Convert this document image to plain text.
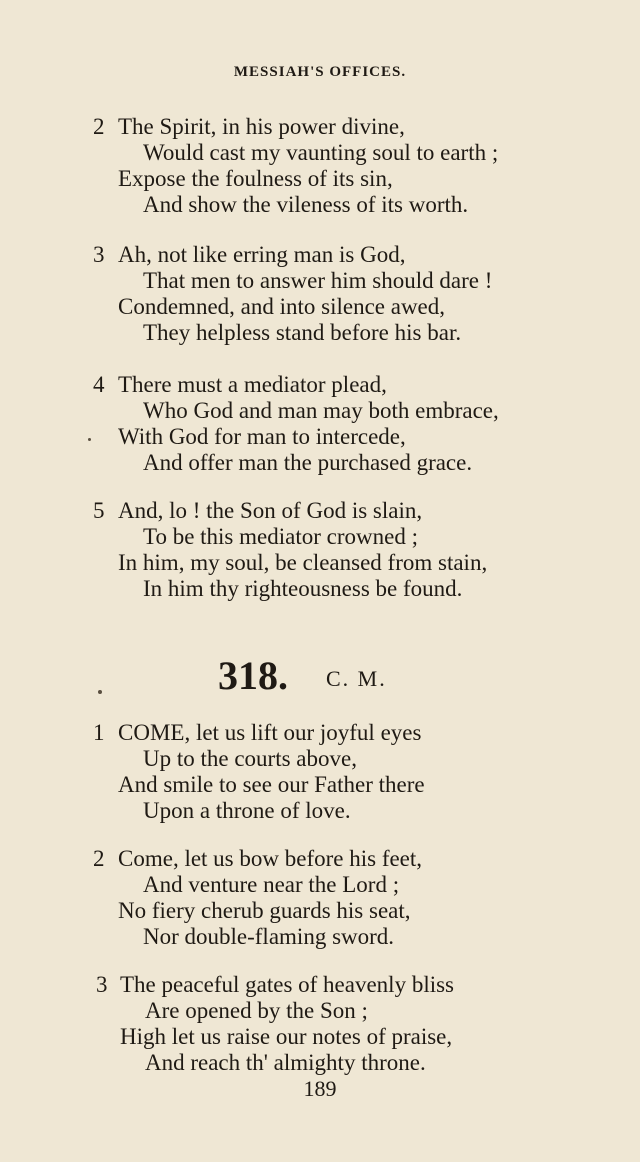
MESSIAH'S OFFICES.
2 The Spirit, in his power divine,
Would cast my vaunting soul to earth ;
Expose the foulness of its sin,
And show the vileness of its worth.
3 Ah, not like erring man is God,
That men to answer him should dare !
Condemned, and into silence awed,
They helpless stand before his bar.
4 There must a mediator plead,
Who God and man may both embrace,
With God for man to intercede,
And offer man the purchased grace.
5 And, lo ! the Son of God is slain,
To be this mediator crowned ;
In him, my soul, be cleansed from stain,
In him thy righteousness be found.
318. C. M.
1 COME, let us lift our joyful eyes
Up to the courts above,
And smile to see our Father there
Upon a throne of love.
2 Come, let us bow before his feet,
And venture near the Lord ;
No fiery cherub guards his seat,
Nor double-flaming sword.
3 The peaceful gates of heavenly bliss
Are opened by the Son ;
High let us raise our notes of praise,
And reach th' almighty throne.
189
